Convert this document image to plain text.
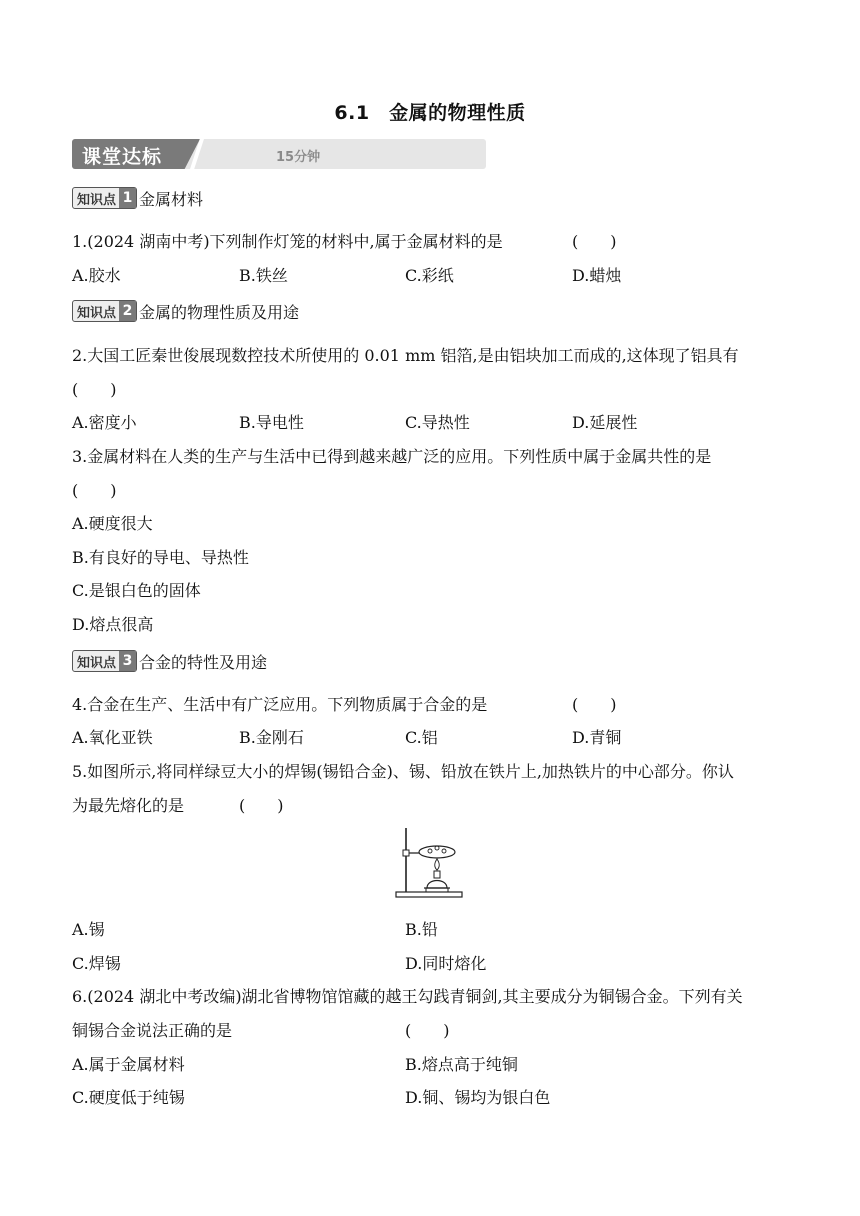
6.1　金属的物理性质
课堂达标	15分钟
知识点 1 金属材料
1.(2024 湖南中考)下列制作灯笼的材料中,属于金属材料的是	(　　)
A.胶水	B.铁丝	C.彩纸	D.蜡烛
知识点 2 金属的物理性质及用途
2.大国工匠秦世俊展现数控技术所使用的 0.01 mm 铝箔,是由铝块加工而成的,这体现了铝具有
(　　)
A.密度小	B.导电性	C.导热性	D.延展性
3.金属材料在人类的生产与生活中已得到越来越广泛的应用。下列性质中属于金属共性的是
(　　)
A.硬度很大
B.有良好的导电、导热性
C.是银白色的固体
D.熔点很高
知识点 3 合金的特性及用途
4.合金在生产、生活中有广泛应用。下列物质属于合金的是	(　　)
A.氧化亚铁	B.金刚石	C.铝	D.青铜
5.如图所示,将同样绿豆大小的焊锡(锡铅合金)、锡、铅放在铁片上,加热铁片的中心部分。你认
为最先熔化的是	(　　)
A.锡	B.铅
C.焊锡	D.同时熔化
6.(2024 湖北中考改编)湖北省博物馆馆藏的越王勾践青铜剑,其主要成分为铜锡合金。下列有关
铜锡合金说法正确的是	(　　)
A.属于金属材料	B.熔点高于纯铜
C.硬度低于纯锡	D.铜、锡均为银白色
